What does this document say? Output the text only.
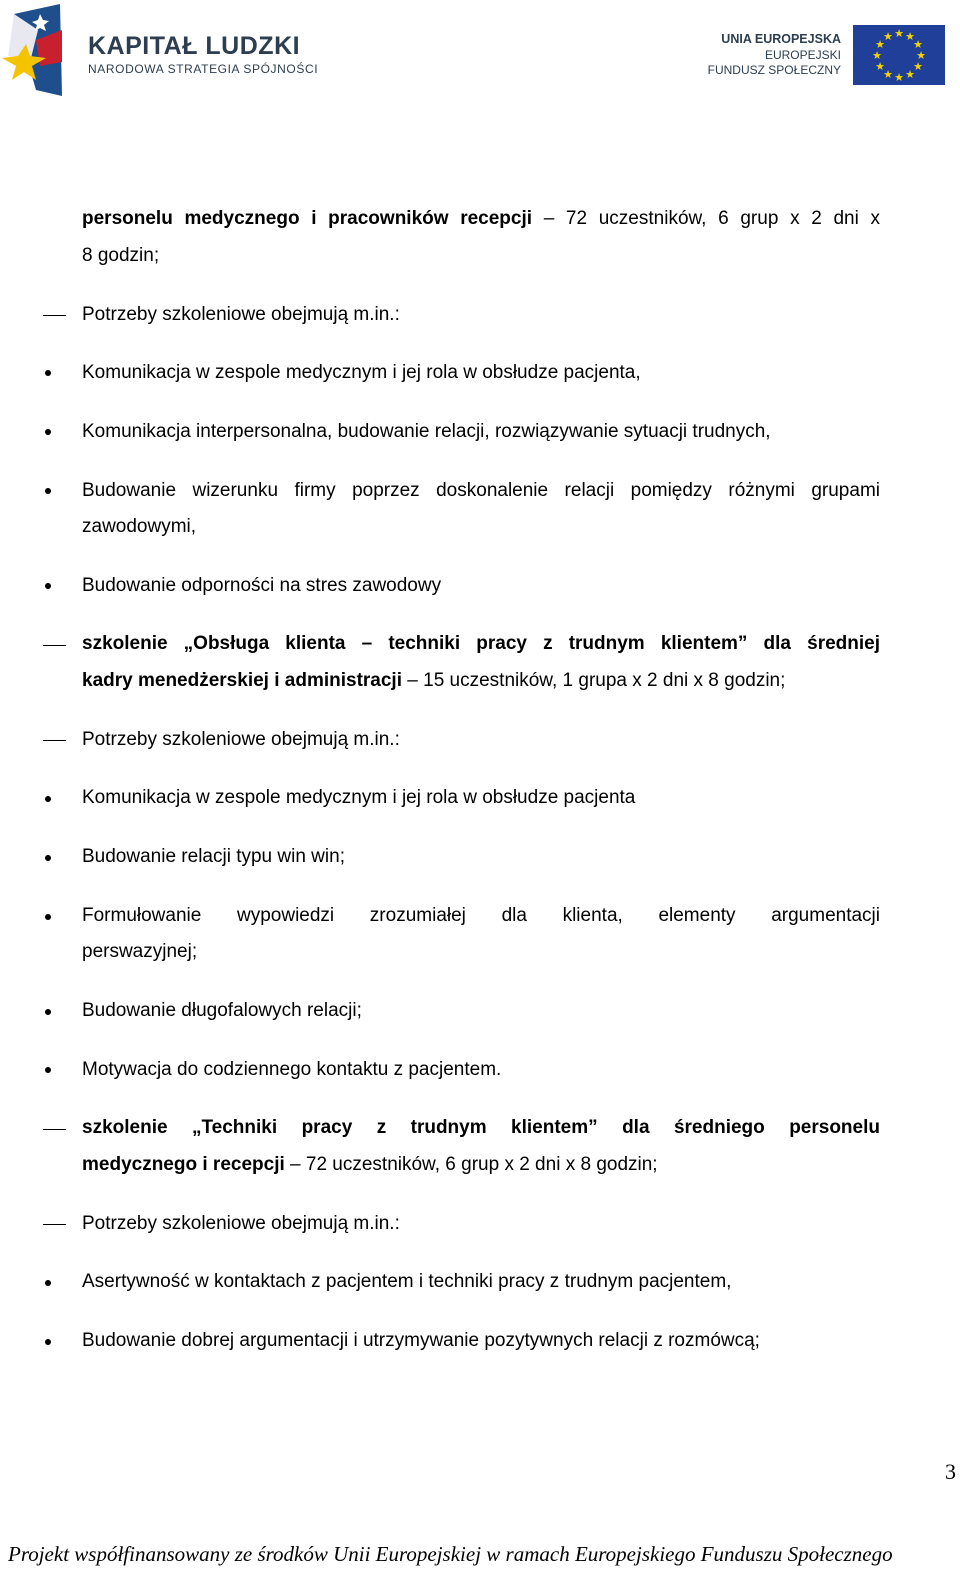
KAPITAŁ LUDZKI
NARODOWA STRATEGIA SPÓJNOŚCI
UNIA EUROPEJSKA
EUROPEJSKI
FUNDUSZ SPOŁECZNY
★ ★
★
★
★
★
★
★
★
★
★
★
personelu medycznego i pracowników recepcji – 72 uczestników, 6 grup x 2 dni x
8 godzin;
Potrzeby szkoleniowe obejmują m.in.:
Komunikacja w zespole medycznym i jej rola w obsłudze pacjenta,
Komunikacja interpersonalna, budowanie relacji, rozwiązywanie sytuacji trudnych,
Budowanie wizerunku firmy poprzez doskonalenie relacji pomiędzy różnymi grupami
zawodowymi,
Budowanie odporności na stres zawodowy
szkolenie „Obsługa klienta – techniki pracy z trudnym klientem” dla średniej
kadry menedżerskiej i administracji – 15 uczestników, 1 grupa x 2 dni x 8 godzin;
Potrzeby szkoleniowe obejmują m.in.:
Komunikacja w zespole medycznym i jej rola w obsłudze pacjenta
Budowanie relacji typu win win;
Formułowanie wypowiedzi zrozumiałej dla klienta, elementy argumentacji
perswazyjnej;
Budowanie długofalowych relacji;
Motywacja do codziennego kontaktu z pacjentem.
szkolenie „Techniki pracy z trudnym klientem” dla średniego personelu
medycznego i recepcji – 72 uczestników, 6 grup x 2 dni x 8 godzin;
Potrzeby szkoleniowe obejmują m.in.:
Asertywność w kontaktach z pacjentem i techniki pracy z trudnym pacjentem,
Budowanie dobrej argumentacji i utrzymywanie pozytywnych relacji z rozmówcą;
3
Projekt współfinansowany ze środków Unii Europejskiej w ramach Europejskiego Funduszu Społecznego
